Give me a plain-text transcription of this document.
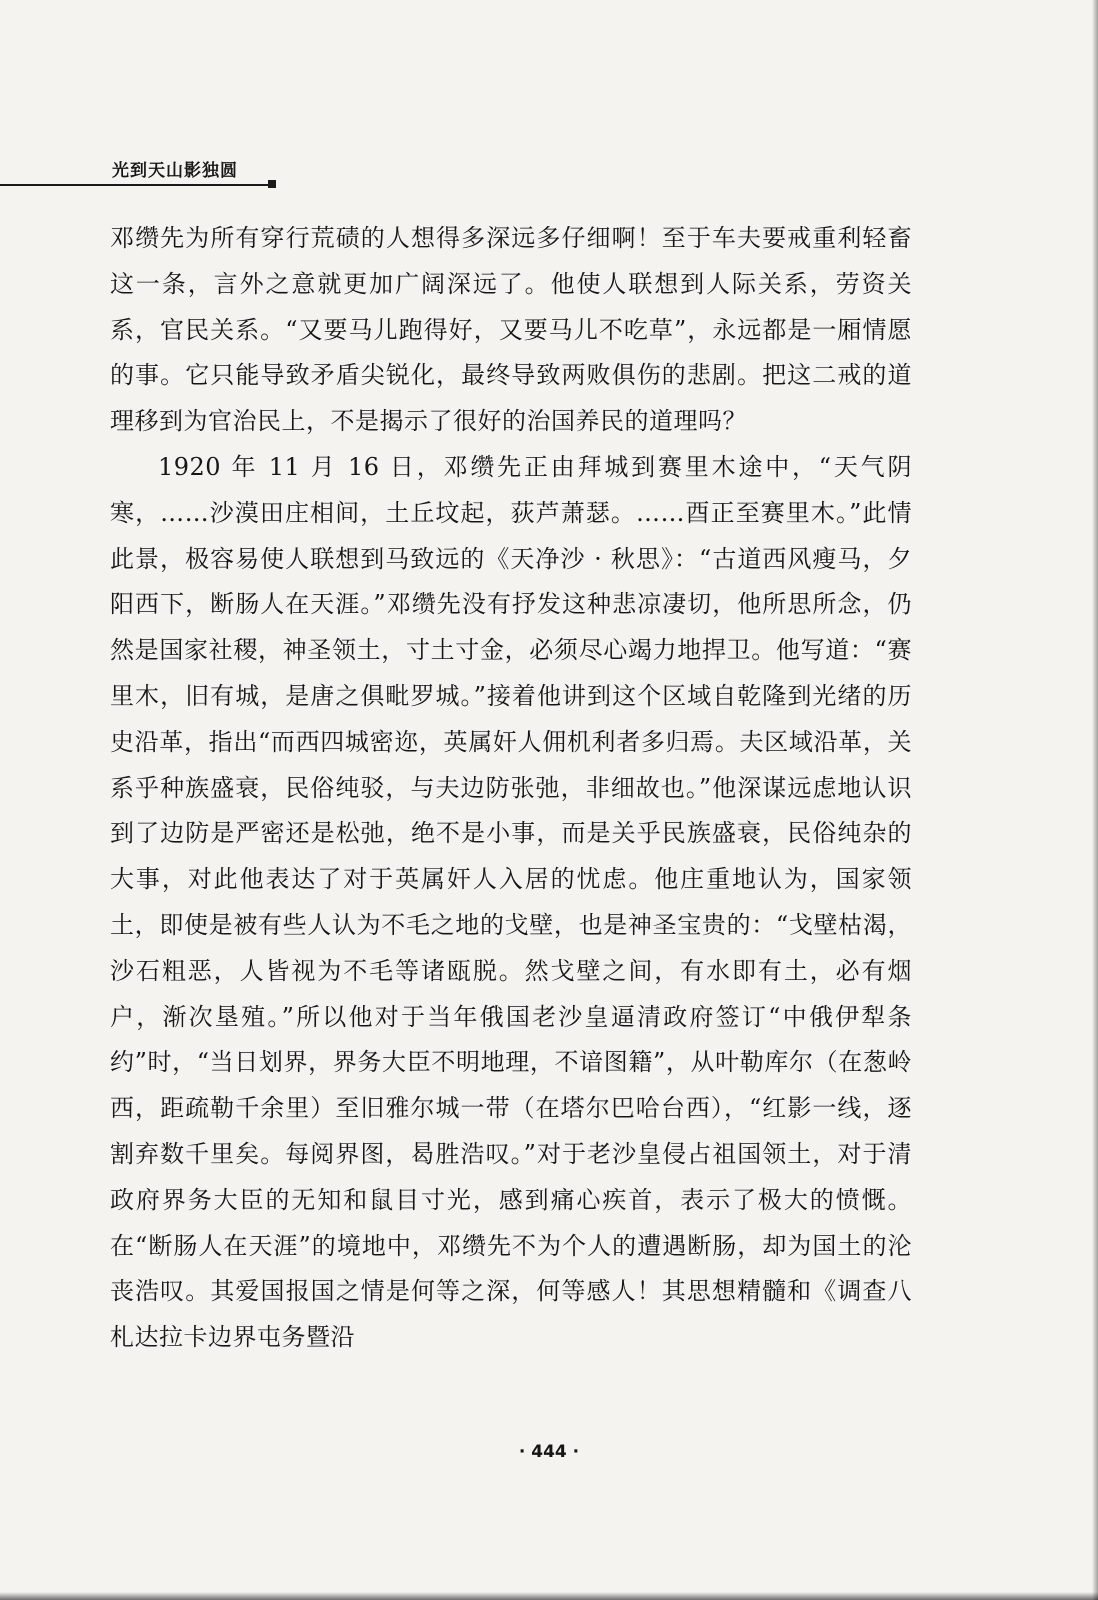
光到天山影独圆

邓缵先为所有穿行荒碛的人想得多深远多仔细啊！至于车夫要戒重利轻畜这一条，言外之意就更加广阔深远了。他使人联想到人际关系，劳资关系，官民关系。“又要马儿跑得好，又要马儿不吃草”，永远都是一厢情愿的事。它只能导致矛盾尖锐化，最终导致两败俱伤的悲剧。把这二戒的道理移到为官治民上，不是揭示了很好的治国养民的道理吗？

1920 年 11 月 16 日，邓缵先正由拜城到赛里木途中，“天气阴寒，……沙漠田庄相间，土丘坟起，荻芦萧瑟。……酉正至赛里木。”此情此景，极容易使人联想到马致远的《天净沙 · 秋思》：“古道西风瘦马，夕阳西下，断肠人在天涯。”邓缵先没有抒发这种悲凉凄切，他所思所念，仍然是国家社稷，神圣领土，寸土寸金，必须尽心竭力地捍卫。他写道：“赛里木，旧有城，是唐之俱毗罗城。”接着他讲到这个区域自乾隆到光绪的历史沿革，指出“而西四城密迩，英属奸人佣机利者多归焉。夫区域沿革，关系乎种族盛衰，民俗纯驳，与夫边防张弛，非细故也。”他深谋远虑地认识到了边防是严密还是松弛，绝不是小事，而是关乎民族盛衰，民俗纯杂的大事，对此他表达了对于英属奸人入居的忧虑。他庄重地认为，国家领土，即使是被有些人认为不毛之地的戈壁，也是神圣宝贵的：“戈壁枯渴，沙石粗恶，人皆视为不毛等诸瓯脱。然戈壁之间，有水即有土，必有烟户，渐次垦殖。”所以他对于当年俄国老沙皇逼清政府签订“中俄伊犁条约”时，“当日划界，界务大臣不明地理，不谙图籍”，从叶勒库尔（在葱岭西，距疏勒千余里）至旧雅尔城一带（在塔尔巴哈台西），“红影一线，逐割弃数千里矣。每阅界图，曷胜浩叹。”对于老沙皇侵占祖国领土，对于清政府界务大臣的无知和鼠目寸光，感到痛心疾首，表示了极大的愤慨。在“断肠人在天涯”的境地中，邓缵先不为个人的遭遇断肠，却为国土的沦丧浩叹。其爱国报国之情是何等之深，何等感人！其思想精髓和《调查八札达拉卡边界屯务暨沿

· 444 ·
